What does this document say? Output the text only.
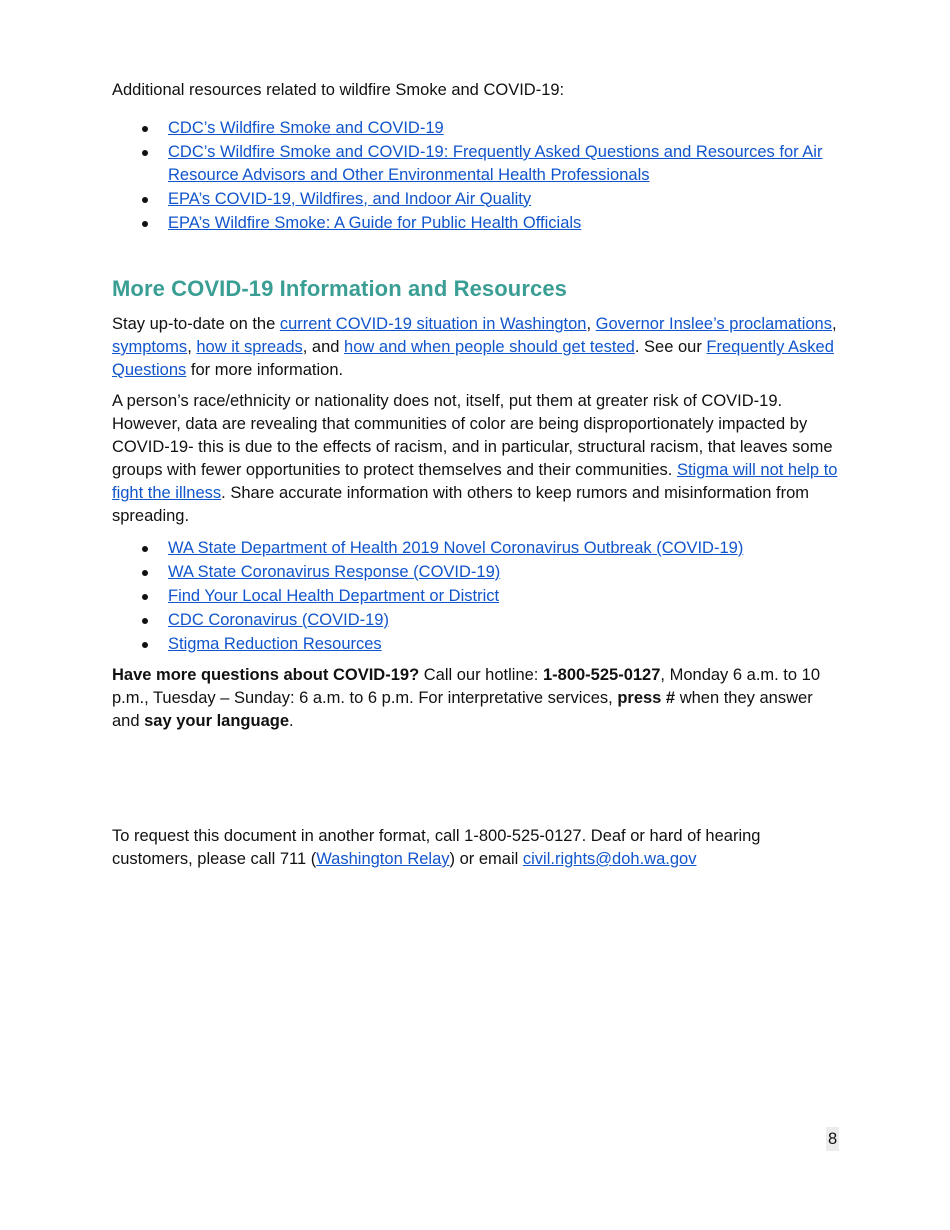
Additional resources related to wildfire Smoke and COVID-19:

CDC’s Wildfire Smoke and COVID-19
CDC’s Wildfire Smoke and COVID-19: Frequently Asked Questions and Resources for Air Resource Advisors and Other Environmental Health Professionals
EPA’s COVID-19, Wildfires, and Indoor Air Quality
EPA’s Wildfire Smoke: A Guide for Public Health Officials
More COVID-19 Information and Resources

Stay up-to-date on the current COVID-19 situation in Washington, Governor Inslee’s proclamations, symptoms, how it spreads, and how and when people should get tested. See our Frequently Asked Questions for more information.

A person’s race/ethnicity or nationality does not, itself, put them at greater risk of COVID-19. However, data are revealing that communities of color are being disproportionately impacted by COVID-19- this is due to the effects of racism, and in particular, structural racism, that leaves some groups with fewer opportunities to protect themselves and their communities. Stigma will not help to fight the illness. Share accurate information with others to keep rumors and misinformation from spreading.

WA State Department of Health 2019 Novel Coronavirus Outbreak (COVID-19)
WA State Coronavirus Response (COVID-19)
Find Your Local Health Department or District
CDC Coronavirus (COVID-19)
Stigma Reduction Resources

Have more questions about COVID-19? Call our hotline: 1-800-525-0127, Monday 6 a.m. to 10 p.m., Tuesday – Sunday: 6 a.m. to 6 p.m. For interpretative services, press # when they answer and say your language.

To request this document in another format, call 1-800-525-0127. Deaf or hard of hearing customers, please call 711 (Washington Relay) or email civil.rights@doh.wa.gov

8
